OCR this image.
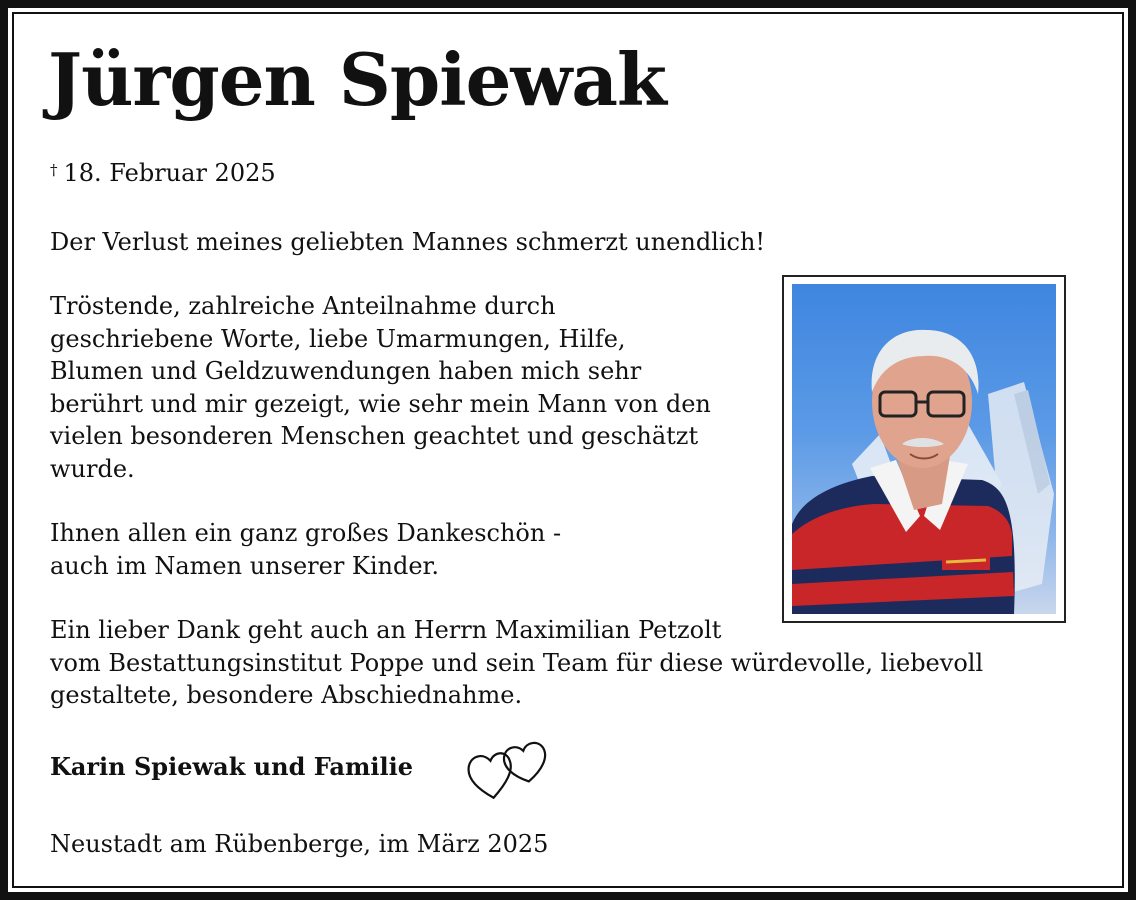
Jürgen Spiewak
† 18. Februar 2025
Der Verlust meines geliebten Mannes schmerzt unendlich!
Tröstende, zahlreiche Anteilnahme durch
geschriebene Worte, liebe Umarmungen, Hilfe,
Blumen und Geldzuwendungen haben mich sehr
berührt und mir gezeigt, wie sehr mein Mann von den
vielen besonderen Menschen geachtet und geschätzt
wurde.
Ihnen allen ein ganz großes Dankeschön -
auch im Namen unserer Kinder.
Ein lieber Dank geht auch an Herrn Maximilian Petzolt
vom Bestattungsinstitut Poppe und sein Team für diese würdevolle, liebevoll
gestaltete, besondere Abschiednahme.
Karin Spiewak und Familie
Neustadt am Rübenberge, im März 2025
